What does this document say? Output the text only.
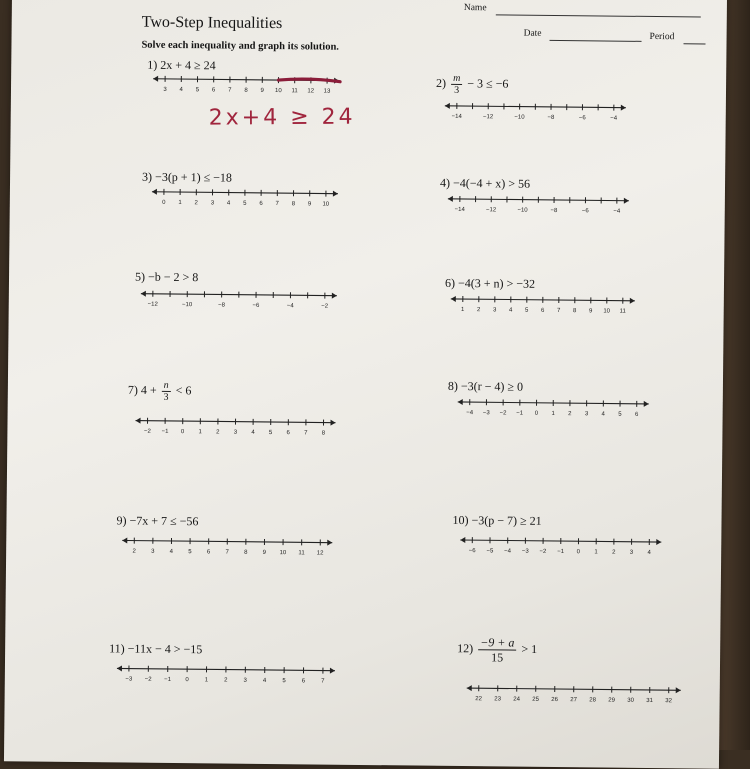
Two-Step Inequalities
Solve each inequality and graph its solution.
Name
Date	Period
1) 2x + 4 ≥ 24
3 4 5 6 7 8 9 10 11 12 13
2x+4 ≥ 24
$2) \frac{m}{3} - 3 \le -6$
−14	−12	−10	−8	−6	−4
3) −3(p + 1) ≤ −18
0 1 2 3 4 5 6 7 8 9 10
4) −4(−4 + x) > 56
−14	−12	−10	−8	−6	−4
5) −b − 2 > 8
−12	−10	−8	−6	−4	−2
6) −4(3 + n) > −32
1 2 3 4 5 6 7 8 9 10 11
7) $4 + \frac{n}{3} < 6$
−2 −1 0 1 2 3 4 5 6 7 8
8) −3(r − 4) ≥ 0
−4 −3 −2 −1 0 1 2 3 4 5 6
9) −7x + 7 ≤ −56
2	3	4	5	6	7	8	9 10 11 12
10) −3(p − 7) ≥ 21
−6 −5 −4 −3 −2 −1 0 1 2 3 4
11) −11x − 4 > −15
−3 −2 −1 0	1	2	3	4	5	6	7
$12) \frac{-9 + a}{15} > 1$
22 23 24 25 26 27 28 29 30 31 32
